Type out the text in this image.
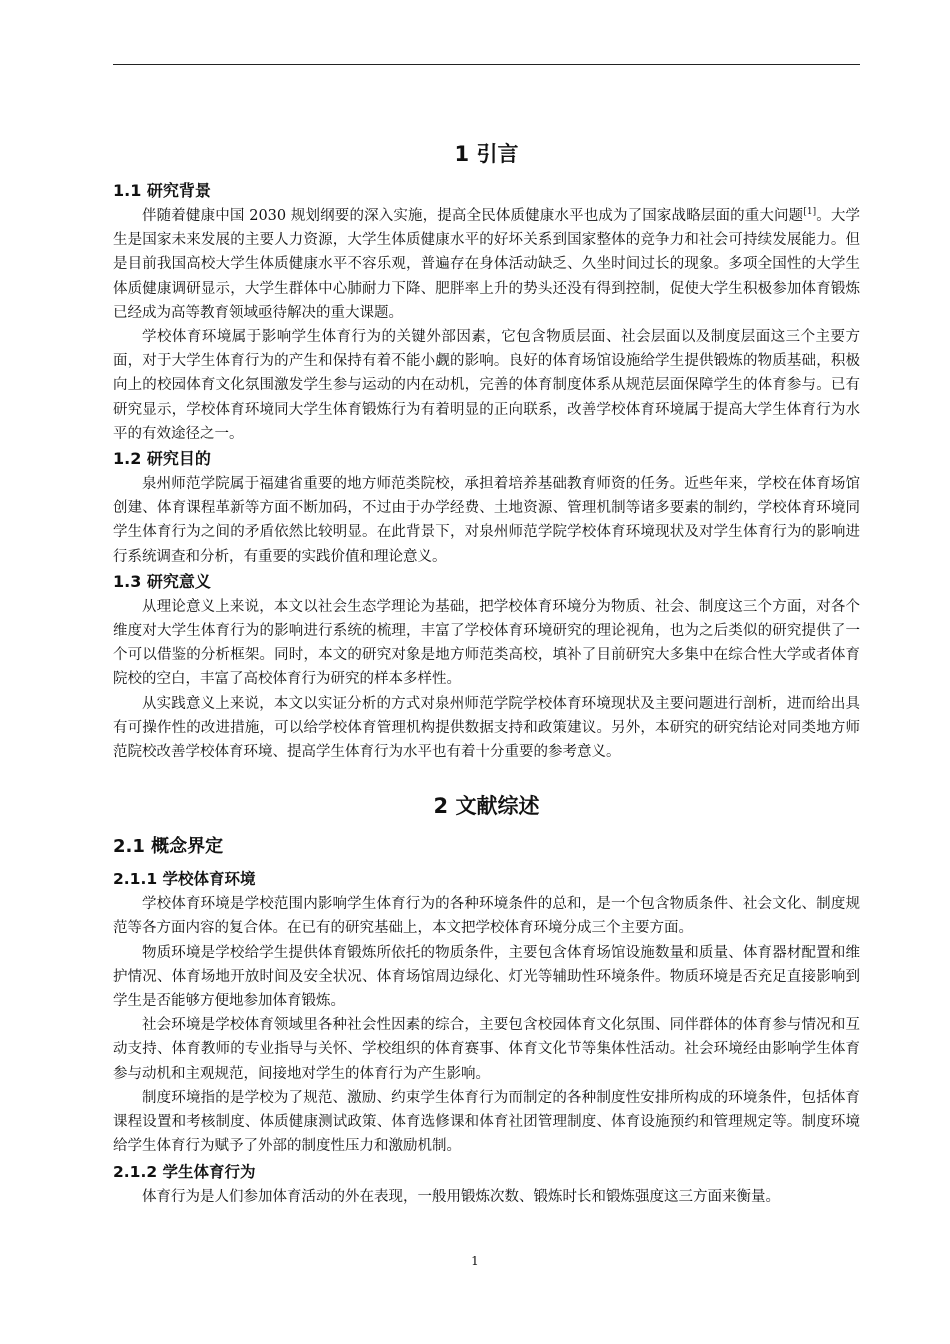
1 引言
1.1 研究背景

伴随着健康中国 2030 规划纲要的深入实施，提高全民体质健康水平也成为了国家战略层面的重大问题[1]。大学生是国家未来发展的主要人力资源，大学生体质健康水平的好坏关系到国家整体的竞争力和社会可持续发展能力。但是目前我国高校大学生体质健康水平不容乐观，普遍存在身体活动缺乏、久坐时间过长的现象。多项全国性的大学生体质健康调研显示，大学生群体中心肺耐力下降、肥胖率上升的势头还没有得到控制，促使大学生积极参加体育锻炼已经成为高等教育领域亟待解决的重大课题。

学校体育环境属于影响学生体育行为的关键外部因素，它包含物质层面、社会层面以及制度层面这三个主要方面，对于大学生体育行为的产生和保持有着不能小觑的影响。良好的体育场馆设施给学生提供锻炼的物质基础，积极向上的校园体育文化氛围激发学生参与运动的内在动机，完善的体育制度体系从规范层面保障学生的体育参与。已有研究显示，学校体育环境同大学生体育锻炼行为有着明显的正向联系，改善学校体育环境属于提高大学生体育行为水平的有效途径之一。

1.2 研究目的

泉州师范学院属于福建省重要的地方师范类院校，承担着培养基础教育师资的任务。近些年来，学校在体育场馆创建、体育课程革新等方面不断加码，不过由于办学经费、土地资源、管理机制等诸多要素的制约，学校体育环境同学生体育行为之间的矛盾依然比较明显。在此背景下，对泉州师范学院学校体育环境现状及对学生体育行为的影响进行系统调查和分析，有重要的实践价值和理论意义。

1.3 研究意义

从理论意义上来说，本文以社会生态学理论为基础，把学校体育环境分为物质、社会、制度这三个方面，对各个维度对大学生体育行为的影响进行系统的梳理，丰富了学校体育环境研究的理论视角，也为之后类似的研究提供了一个可以借鉴的分析框架。同时，本文的研究对象是地方师范类高校，填补了目前研究大多集中在综合性大学或者体育院校的空白，丰富了高校体育行为研究的样本多样性。

从实践意义上来说，本文以实证分析的方式对泉州师范学院学校体育环境现状及主要问题进行剖析，进而给出具有可操作性的改进措施，可以给学校体育管理机构提供数据支持和政策建议。另外，本研究的研究结论对同类地方师范院校改善学校体育环境、提高学生体育行为水平也有着十分重要的参考意义。

2 文献综述
2.1 概念界定
2.1.1 学校体育环境

学校体育环境是学校范围内影响学生体育行为的各种环境条件的总和，是一个包含物质条件、社会文化、制度规范等各方面内容的复合体。在已有的研究基础上，本文把学校体育环境分成三个主要方面。

物质环境是学校给学生提供体育锻炼所依托的物质条件，主要包含体育场馆设施数量和质量、体育器材配置和维护情况、体育场地开放时间及安全状况、体育场馆周边绿化、灯光等辅助性环境条件。物质环境是否充足直接影响到学生是否能够方便地参加体育锻炼。

社会环境是学校体育领域里各种社会性因素的综合，主要包含校园体育文化氛围、同伴群体的体育参与情况和互动支持、体育教师的专业指导与关怀、学校组织的体育赛事、体育文化节等集体性活动。社会环境经由影响学生体育参与动机和主观规范，间接地对学生的体育行为产生影响。

制度环境指的是学校为了规范、激励、约束学生体育行为而制定的各种制度性安排所构成的环境条件，包括体育课程设置和考核制度、体质健康测试政策、体育选修课和体育社团管理制度、体育设施预约和管理规定等。制度环境给学生体育行为赋予了外部的制度性压力和激励机制。

2.1.2 学生体育行为

体育行为是人们参加体育活动的外在表现，一般用锻炼次数、锻炼时长和锻炼强度这三方面来衡量。

1
